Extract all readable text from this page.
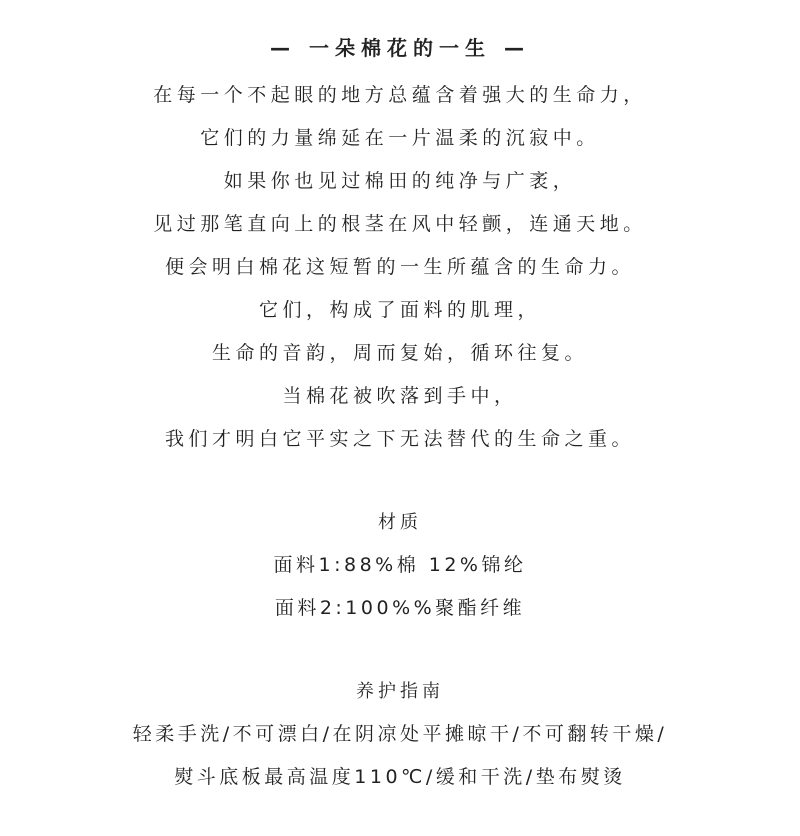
— 一朵棉花的一生 —
在每一个不起眼的地方总蕴含着强大的生命力，
它们的力量绵延在一片温柔的沉寂中。
如果你也见过棉田的纯净与广袤，
见过那笔直向上的根茎在风中轻颤，连通天地。
便会明白棉花这短暂的一生所蕴含的生命力。
它们，构成了面料的肌理，
生命的音韵，周而复始，循环往复。
当棉花被吹落到手中，
我们才明白它平实之下无法替代的生命之重。
材质
面料1:88%棉 12%锦纶
面料2:100%%聚酯纤维
养护指南
轻柔手洗/不可漂白/在阴凉处平摊晾干/不可翻转干燥/
熨斗底板最高温度110℃/缓和干洗/垫布熨烫
